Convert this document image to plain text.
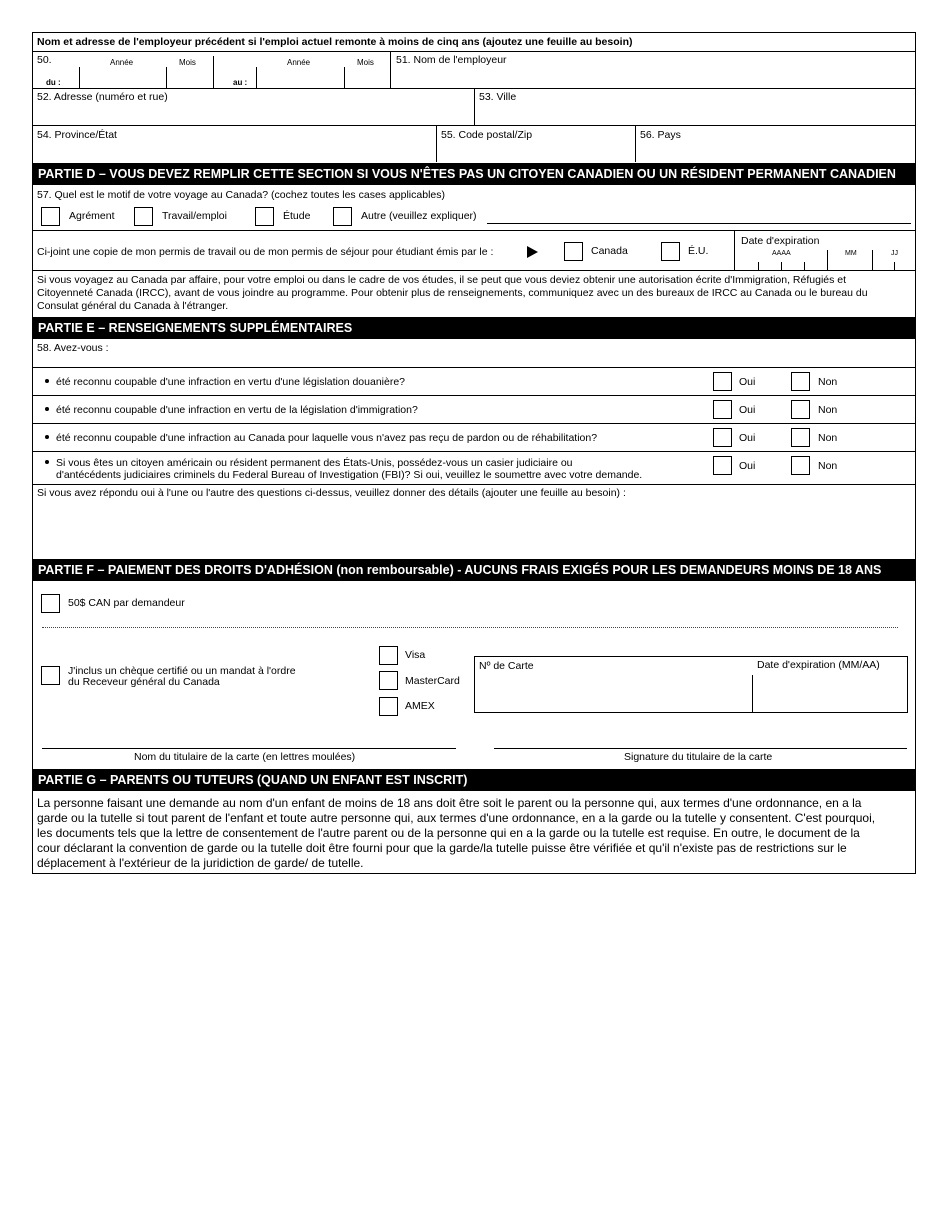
Nom et adresse de l'employeur précédent si l'emploi actuel remonte à moins de cinq ans (ajoutez une feuille au besoin)
50.	Année	Mois	Année	Mois
du :	au :
51. Nom de l'employeur
52. Adresse (numéro et rue)	53. Ville
54. Province/État	55. Code postal/Zip	56. Pays
PARTIE D – VOUS DEVEZ REMPLIR CETTE SECTION SI VOUS N'ÊTES PAS UN CITOYEN CANADIEN OU UN RÉSIDENT PERMANENT CANADIEN
57. Quel est le motif de votre voyage au Canada? (cochez toutes les cases applicables)
Agrément	Travail/emploi	Étude	Autre (veuillez expliquer)
Ci-joint une copie de mon permis de travail ou de mon permis de séjour pour étudiant émis par le :	Canada	É.U.
Date d'expiration
AAAA	MM	JJ
Si vous voyagez au Canada par affaire, pour votre emploi ou dans le cadre de vos études, il se peut que vous deviez obtenir une autorisation écrite d'Immigration, Réfugiés et
Citoyenneté Canada (IRCC), avant de vous joindre au programme. Pour obtenir plus de renseignements, communiquez avec un des bureaux de IRCC au Canada ou le bureau du
Consulat général du Canada à l'étranger.
PARTIE E – RENSEIGNEMENTS SUPPLÉMENTAIRES
58. Avez-vous :
été reconnu coupable d'une infraction en vertu d'une législation douanière?	Oui	Non
été reconnu coupable d'une infraction en vertu de la législation d'immigration?	Oui	Non
été reconnu coupable d'une infraction au Canada pour laquelle vous n'avez pas reçu de pardon ou de réhabilitation?	Oui	Non
Si vous êtes un citoyen américain ou résident permanent des États-Unis, possédez-vous un casier judiciaire ou
d'antécédents judiciaires criminels du Federal Bureau of Investigation (FBI)? Si oui, veuillez le soumettre avec votre demande.
Oui	Non
Si vous avez répondu oui à l'une ou l'autre des questions ci-dessus, veuillez donner des détails (ajouter une feuille au besoin) :
PARTIE F – PAIEMENT DES DROITS D'ADHÉSION (non remboursable) - AUCUNS FRAIS EXIGÉS POUR LES DEMANDEURS MOINS DE 18 ANS
50$ CAN par demandeur
J'inclus un chèque certifié ou un mandat à l'ordre
du Receveur général du Canada
Visa
MasterCard
AMEX
Nº de Carte	Date d'expiration (MM/AA)
Nom du titulaire de la carte (en lettres moulées)	Signature du titulaire de la carte
PARTIE G – PARENTS OU TUTEURS (QUAND UN ENFANT EST INSCRIT)
La personne faisant une demande au nom d'un enfant de moins de 18 ans doit être soit le parent ou la personne qui, aux termes d'une ordonnance, en a la
garde ou la tutelle si tout parent de l'enfant et toute autre personne qui, aux termes d'une ordonnance, en a la garde ou la tutelle y consentent. C'est pourquoi,
les documents tels que la lettre de consentement de l'autre parent ou de la personne qui en a la garde ou la tutelle est requise. En outre, le document de la
cour déclarant la convention de garde ou la tutelle doit être fourni pour que la garde/la tutelle puisse être vérifiée et qu'il n'existe pas de restrictions sur le
déplacement à l'extérieur de la juridiction de garde/ de tutelle.
